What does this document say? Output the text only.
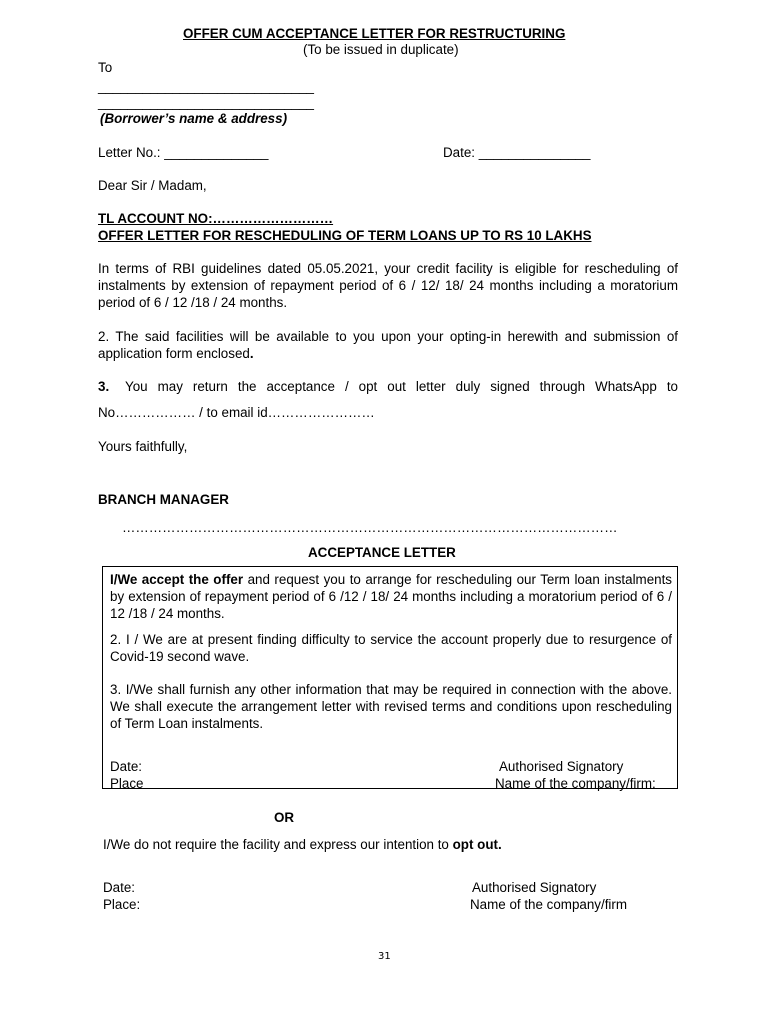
OFFER CUM ACCEPTANCE LETTER FOR RESTRUCTURING
(To be issued in duplicate)
To
_____________________________
_____________________________
(Borrower’s name & address)
Letter No.: ______________	Date: _______________
Dear Sir / Madam,
TL ACCOUNT NO:………………………
OFFER LETTER FOR RESCHEDULING OF TERM LOANS UP TO RS 10 LAKHS
In terms of RBI guidelines dated 05.05.2021, your credit facility is eligible for rescheduling of instalments by extension of repayment period of 6 / 12/ 18/ 24 months including a moratorium period of 6 / 12 /18 / 24 months.
2. The said facilities will be available to you upon your opting-in herewith and submission of application form enclosed.
3. You may return the acceptance / opt out letter duly signed through WhatsApp to
No……………… / to email id……………………
Yours faithfully,
BRANCH MANAGER
…………………………………………………………………………………………………
ACCEPTANCE LETTER
I/We accept the offer and request you to arrange for rescheduling our Term loan instalments by extension of repayment period of 6 /12 / 18/ 24 months including a moratorium period of 6 / 12 /18 / 24 months.
2. I / We are at present finding difficulty to service the account properly due to resurgence of Covid-19 second wave.
3. I/We shall furnish any other information that may be required in connection with the above. We shall execute the arrangement letter with revised terms and conditions upon rescheduling of Term Loan instalments.
Date:
Place
Authorised Signatory
Name of the company/firm:
OR
I/We do not require the facility and express our intention to opt out.
Date:
Place:
Authorised Signatory
Name of the company/firm
31
